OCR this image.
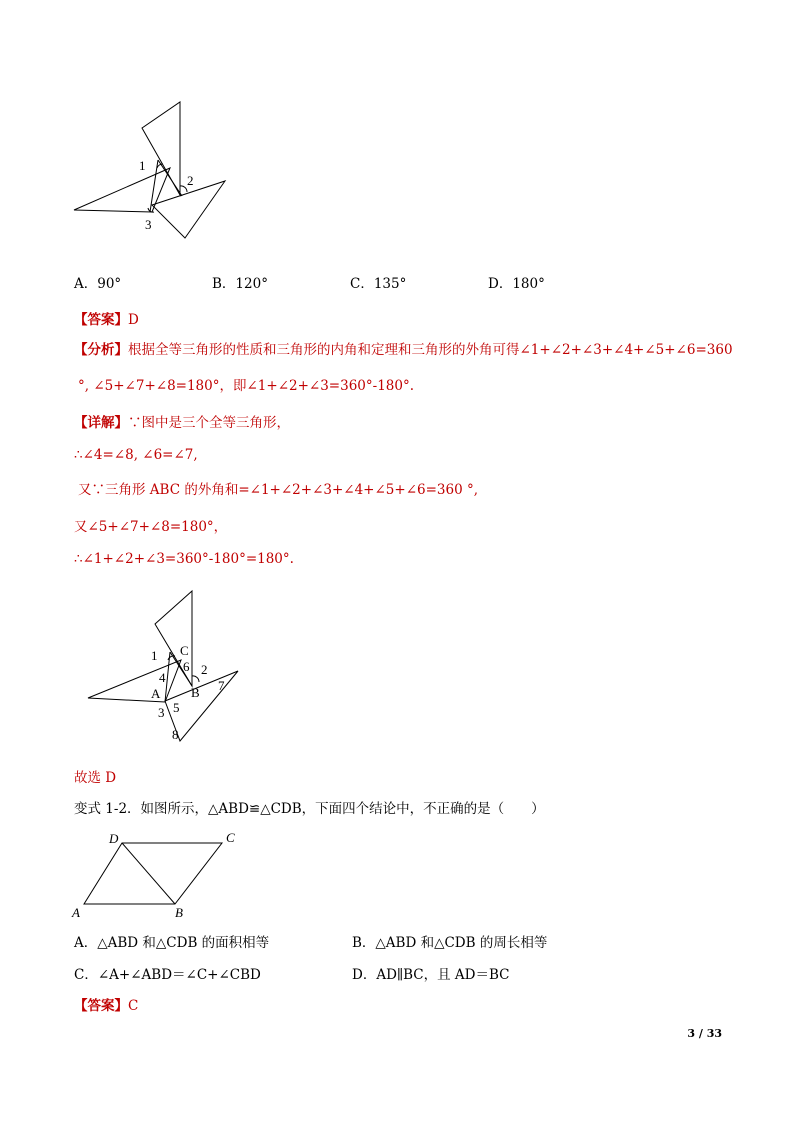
1
2
3
A．90°	B．120°	C．135°	D．180°
【答案】D
【分析】根据全等三角形的性质和三角形的内角和定理和三角形的外角可得∠1+∠2+∠3+∠4+∠5+∠6=360
°, ∠5+∠7+∠8=180°，即∠1+∠2+∠3=360°-180°.
【详解】∵图中是三个全等三角形，
∴∠4=∠8, ∠6=∠7,
又∵三角形 ABC 的外角和=∠1+∠2+∠3+∠4+∠5+∠6=360 °,
又∠5+∠7+∠8=180°，
∴∠1+∠2+∠3=360°-180°=180°.
1 C
6 2
4
A B 7
3 5
8
故选 D
变式 1-2．如图所示，△ABD≌△CDB，下面四个结论中，不正确的是（　　）
D	C
A	B
A．△ABD 和△CDB 的面积相等	B．△ABD 和△CDB 的周长相等
C．∠A+∠ABD＝∠C+∠CBD	D．AD∥BC，且 AD＝BC
【答案】C
3 / 33
